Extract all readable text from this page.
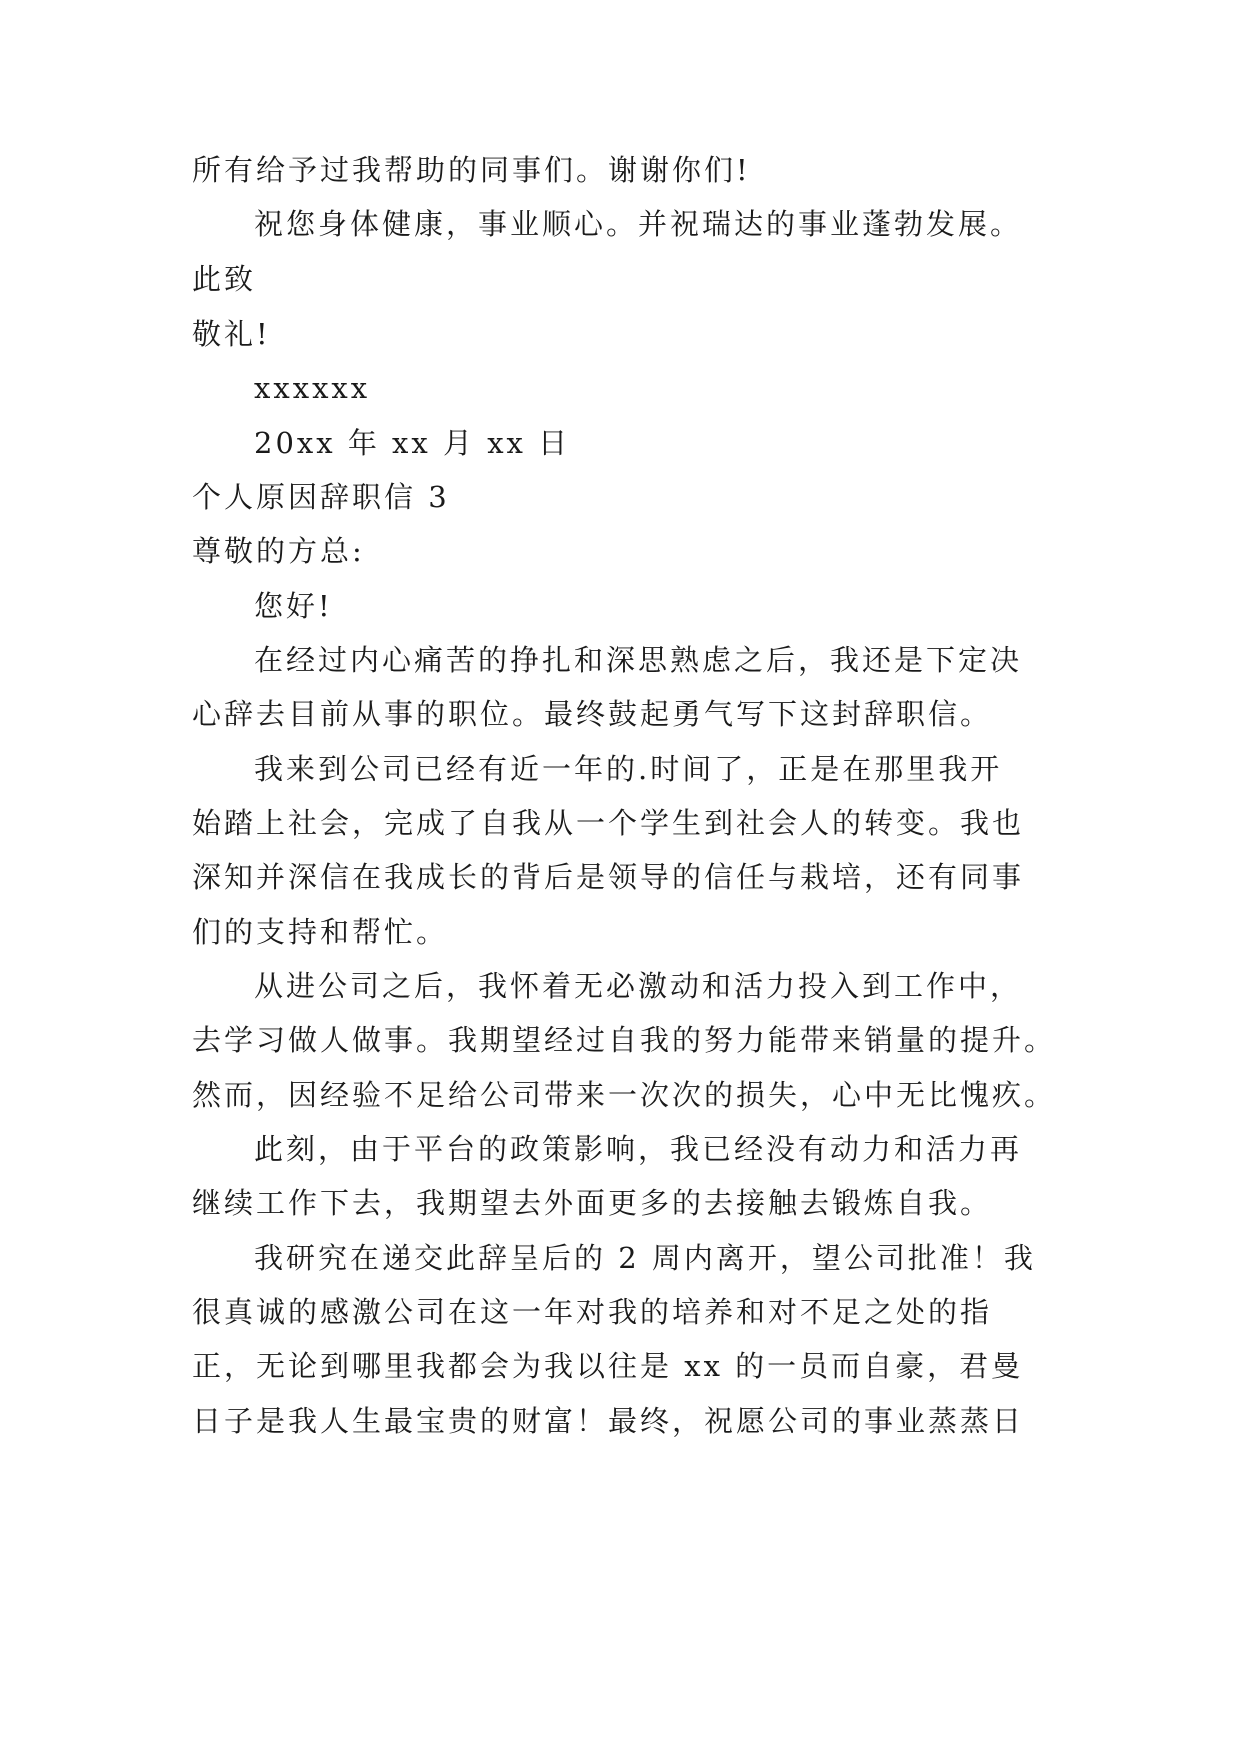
所有给予过我帮助的同事们。谢谢你们!
祝您身体健康，事业顺心。并祝瑞达的事业蓬勃发展。
此致
敬礼!
xxxxxx
20xx 年 xx 月 xx 日
个人原因辞职信 3
尊敬的方总:
您好!
在经过内心痛苦的挣扎和深思熟虑之后，我还是下定决
心辞去目前从事的职位。最终鼓起勇气写下这封辞职信。
我来到公司已经有近一年的.时间了，正是在那里我开
始踏上社会，完成了自我从一个学生到社会人的转变。我也
深知并深信在我成长的背后是领导的信任与栽培，还有同事
们的支持和帮忙。
从进公司之后，我怀着无必激动和活力投入到工作中，
去学习做人做事。我期望经过自我的努力能带来销量的提升。
然而，因经验不足给公司带来一次次的损失，心中无比愧疚。
此刻，由于平台的政策影响，我已经没有动力和活力再
继续工作下去，我期望去外面更多的去接触去锻炼自我。
我研究在递交此辞呈后的 2 周内离开，望公司批准！我
很真诚的感激公司在这一年对我的培养和对不足之处的指
正，无论到哪里我都会为我以往是 xx 的一员而自豪，君曼
日子是我人生最宝贵的财富！最终，祝愿公司的事业蒸蒸日
